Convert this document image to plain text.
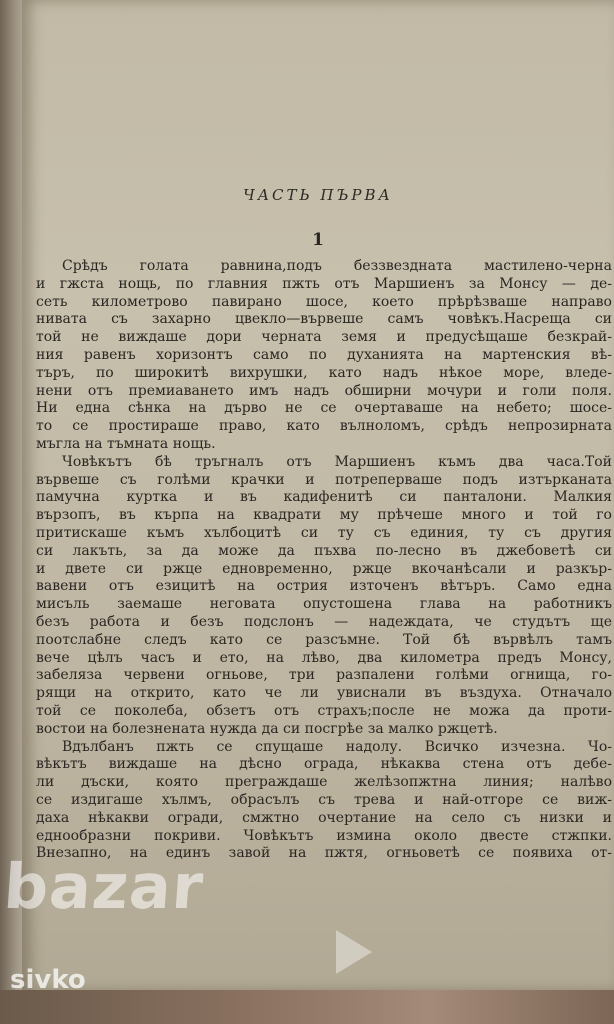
ЧАСТЬ ПЪРВА
1
Срѣдъ голата равнина,подъ беззвездната мастилено-черна
и гжста нощь, по главния пжть отъ Маршиенъ за Монсу — де-
сеть километрово павирано шосе, което прѣрѣзваше направо
нивата съ захарно цвекло—вървеше самъ човѣкъ.Насреща си
той не виждаше дори черната земя и предусѣщаше безкрай-
ния равенъ хоризонтъ само по духанията на мартенския вѣ-
търъ, по широкитѣ вихрушки, като надъ нѣкое море, вледе-
нени отъ премиаването имъ надъ обширни мочури и голи поля.
Ни една сѣнка на дърво не се очертаваше на небето; шосе-
то се простираше право, като вълноломъ, срѣдъ непрозирната
мъгла на тъмната нощь.
Човѣкътъ бѣ тръгналъ отъ Маршиенъ къмъ два часа.Той
вървеше съ голѣми крачки и потреперваше подъ изтърканата
памучна куртка и въ кадифенитѣ си панталони. Малкия
вързопъ, въ кърпа на квадрати му прѣчеше много и той го
притискаше къмъ хълбоцитѣ си ту съ единия, ту съ другия
си лакъть, за да може да пъхва по-лесно въ джебоветѣ си
и двете си ржце едновременно, ржце вкочанѣсали и разкър-
вавени отъ езицитѣ на острия източенъ вѣтъръ. Само една
мисъль заемаше неговата опустошена глава на работникъ
безъ работа и безъ подслонъ — надеждата, че студътъ ще
поотслабне следъ като се разсъмне. Той бѣ вървѣлъ тамъ
вече цѣлъ часъ и ето, на лѣво, два километра предъ Монсу,
забеляза червени огньове, три разпалени голѣми огнища, го-
рящи на открито, като че ли увиснали въ въздуха. Отначало
той се поколеба, обзетъ отъ страхъ;после не можа да проти-
востои на болезнената нужда да си посгрѣе за малко ржцетѣ.
Вдълбанъ пжть се спущаше надолу. Всичко изчезна. Чо-
вѣкътъ виждаше на дѣсно ограда, нѣкаква стена отъ дебе-
ли дъски, която преграждаше желѣзопжтна линия; налѣво
се издигаше хълмъ, обрасълъ съ трева и най-отгоре се виж-
даха нѣкакви огради, смжтно очертание на село съ низки и
еднообразни покриви. Човѣкътъ измина около двесте стжпки.
Внезапно, на единъ завой на пжтя, огньоветѣ се появиха от-
bazar
sivko
